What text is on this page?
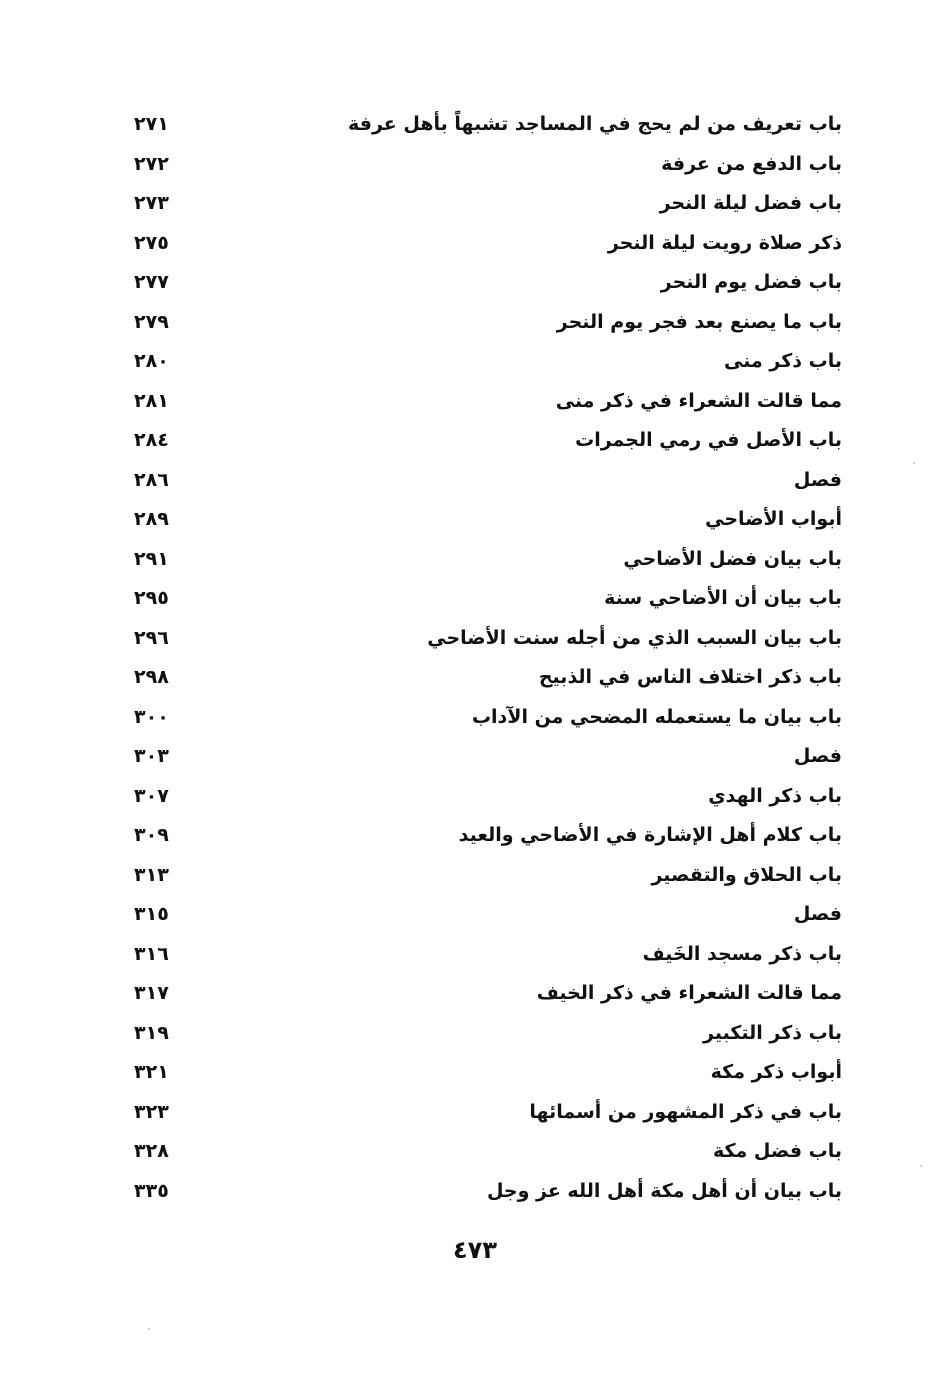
باب تعريف من لم يحج في المساجد تشبهاً بأهل عرفة
٢٧١
باب الدفع من عرفة
٢٧٢
باب فضل ليلة النحر
٢٧٣
ذكر صلاة رويت ليلة النحر
٢٧٥
باب فضل يوم النحر
٢٧٧
باب ما يصنع بعد فجر يوم النحر
٢٧٩
باب ذكر منى
٢٨٠
مما قالت الشعراء في ذكر منى
٢٨١
باب الأصل في رمي الجمرات
٢٨٤
فصل
٢٨٦
أبواب الأضاحي
٢٨٩
باب بيان فضل الأضاحي
٢٩١
باب بيان أن الأضاحي سنة
٢٩٥
باب بيان السبب الذي من أجله سنت الأضاحي
٢٩٦
باب ذكر اختلاف الناس في الذبيح
٢٩٨
باب بيان ما يستعمله المضحي من الآداب
٣٠٠
فصل
٣٠٣
باب ذكر الهدي
٣٠٧
باب كلام أهل الإشارة في الأضاحي والعيد
٣٠٩
باب الحلاق والتقصير
٣١٣
فصل
٣١٥
باب ذكر مسجد الخَيف
٣١٦
مما قالت الشعراء في ذكر الخيف
٣١٧
باب ذكر التكبير
٣١٩
أبواب ذكر مكة
٣٢١
باب في ذكر المشهور من أسمائها
٣٢٣
باب فضل مكة
٣٢٨
باب بيان أن أهل مكة أهل الله عز وجل
٣٣٥
٤٧٣
